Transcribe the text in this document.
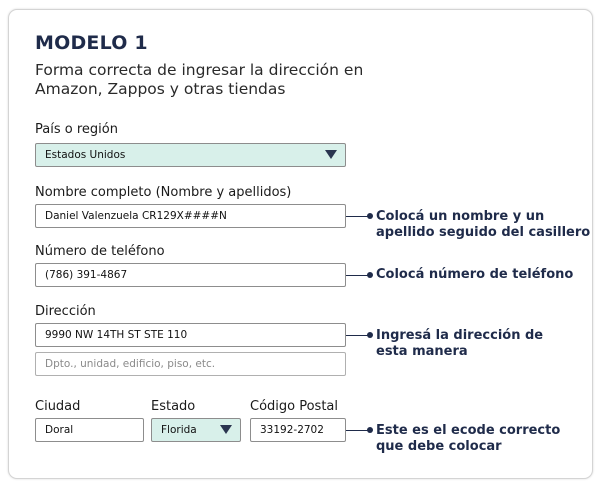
MODELO 1
Forma correcta de ingresar la dirección en Amazon, Zappos y otras tiendas
País o región
Estados Unidos
Nombre completo (Nombre y apellidos)
Daniel Valenzuela CR129X####N	Colocá un nombre y un
apellido seguido del casillero
Número de teléfono
(786) 391-4867	Colocá número de teléfono
Dirección
9990 NW 14TH ST STE 110
Dpto., unidad, edificio, piso, etc.
Ingresá la dirección de
esta manera
Ciudad
Doral
Estado
Florida
Código Postal
33192-2702	Este es el ecode correcto
que debe colocar
